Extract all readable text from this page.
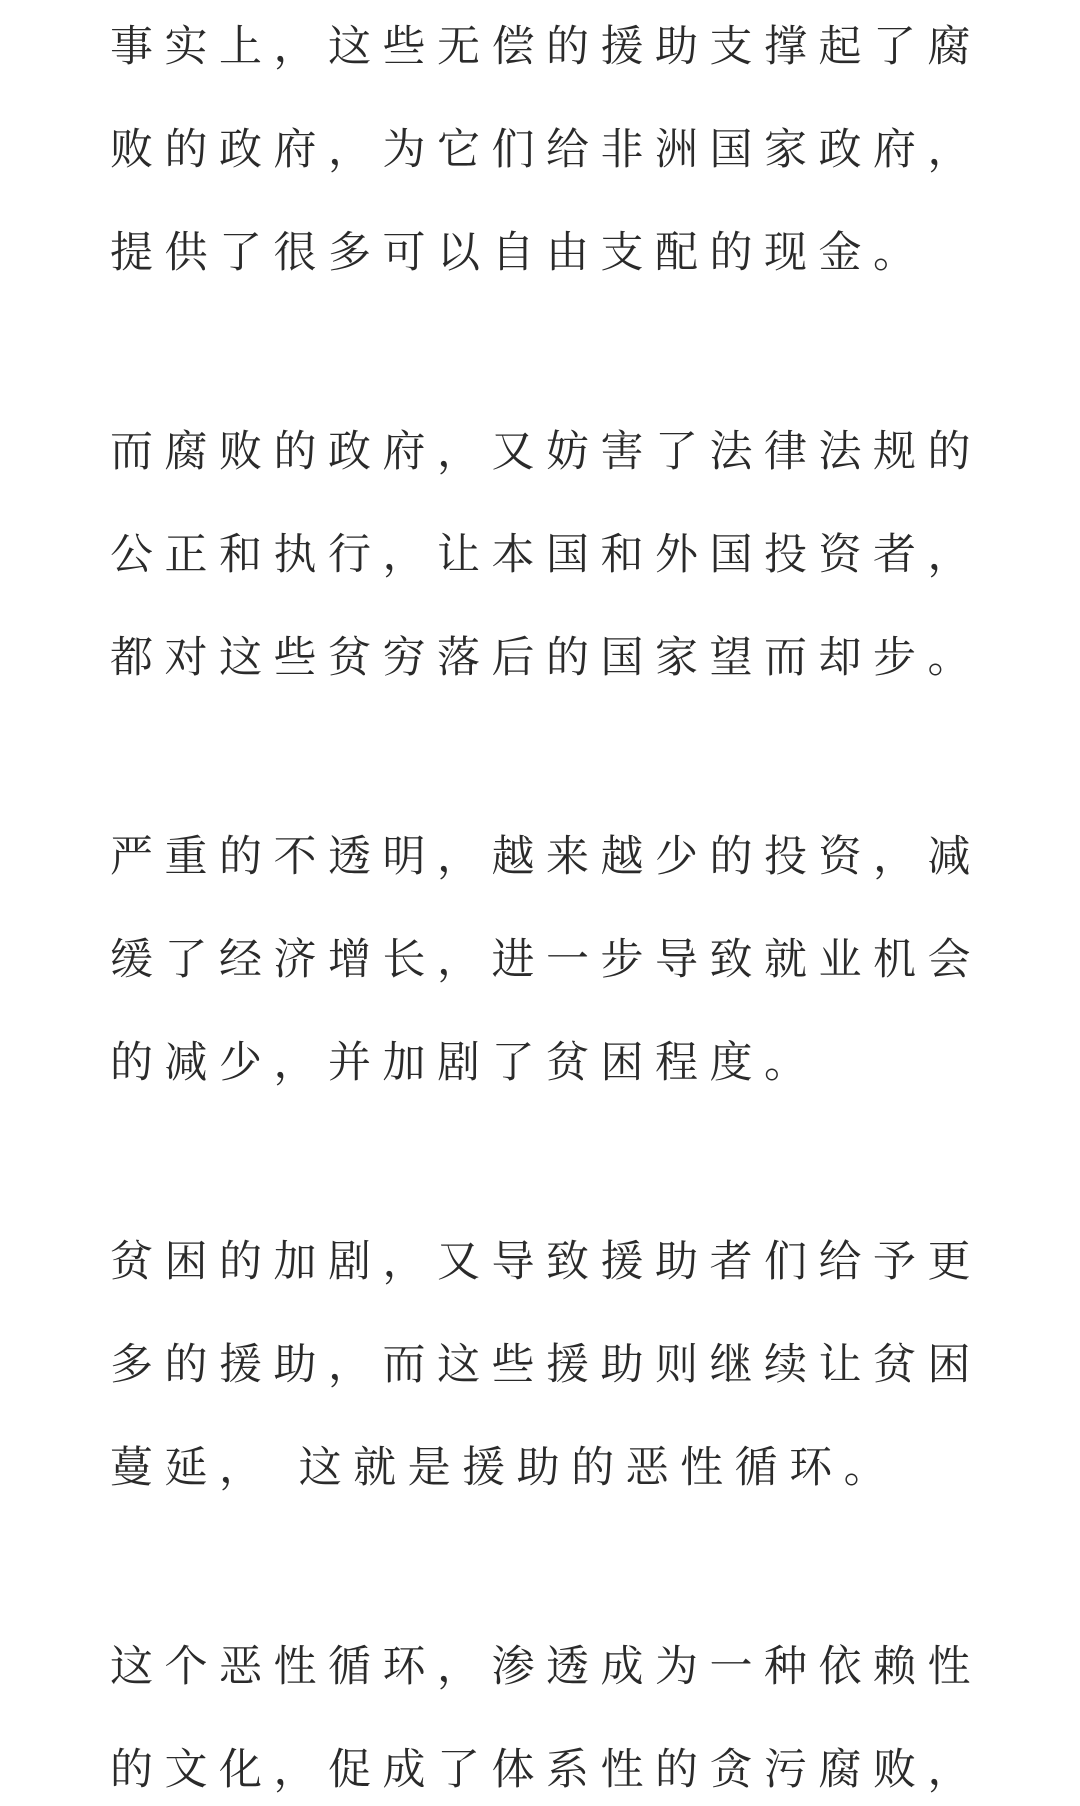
事实上，这些无偿的援助支撑起了腐
败的政府，为它们给非洲国家政府，
提供了很多可以自由支配的现金。

而腐败的政府，又妨害了法律法规的
公正和执行，让本国和外国投资者，
都对这些贫穷落后的国家望而却步。

严重的不透明，越来越少的投资，减
缓了经济增长，进一步导致就业机会
的减少，并加剧了贫困程度。

贫困的加剧，又导致援助者们给予更
多的援助，而这些援助则继续让贫困
蔓延， 这就是援助的恶性循环。

这个恶性循环，渗透成为一种依赖性
的文化，促成了体系性的贪污腐败，
